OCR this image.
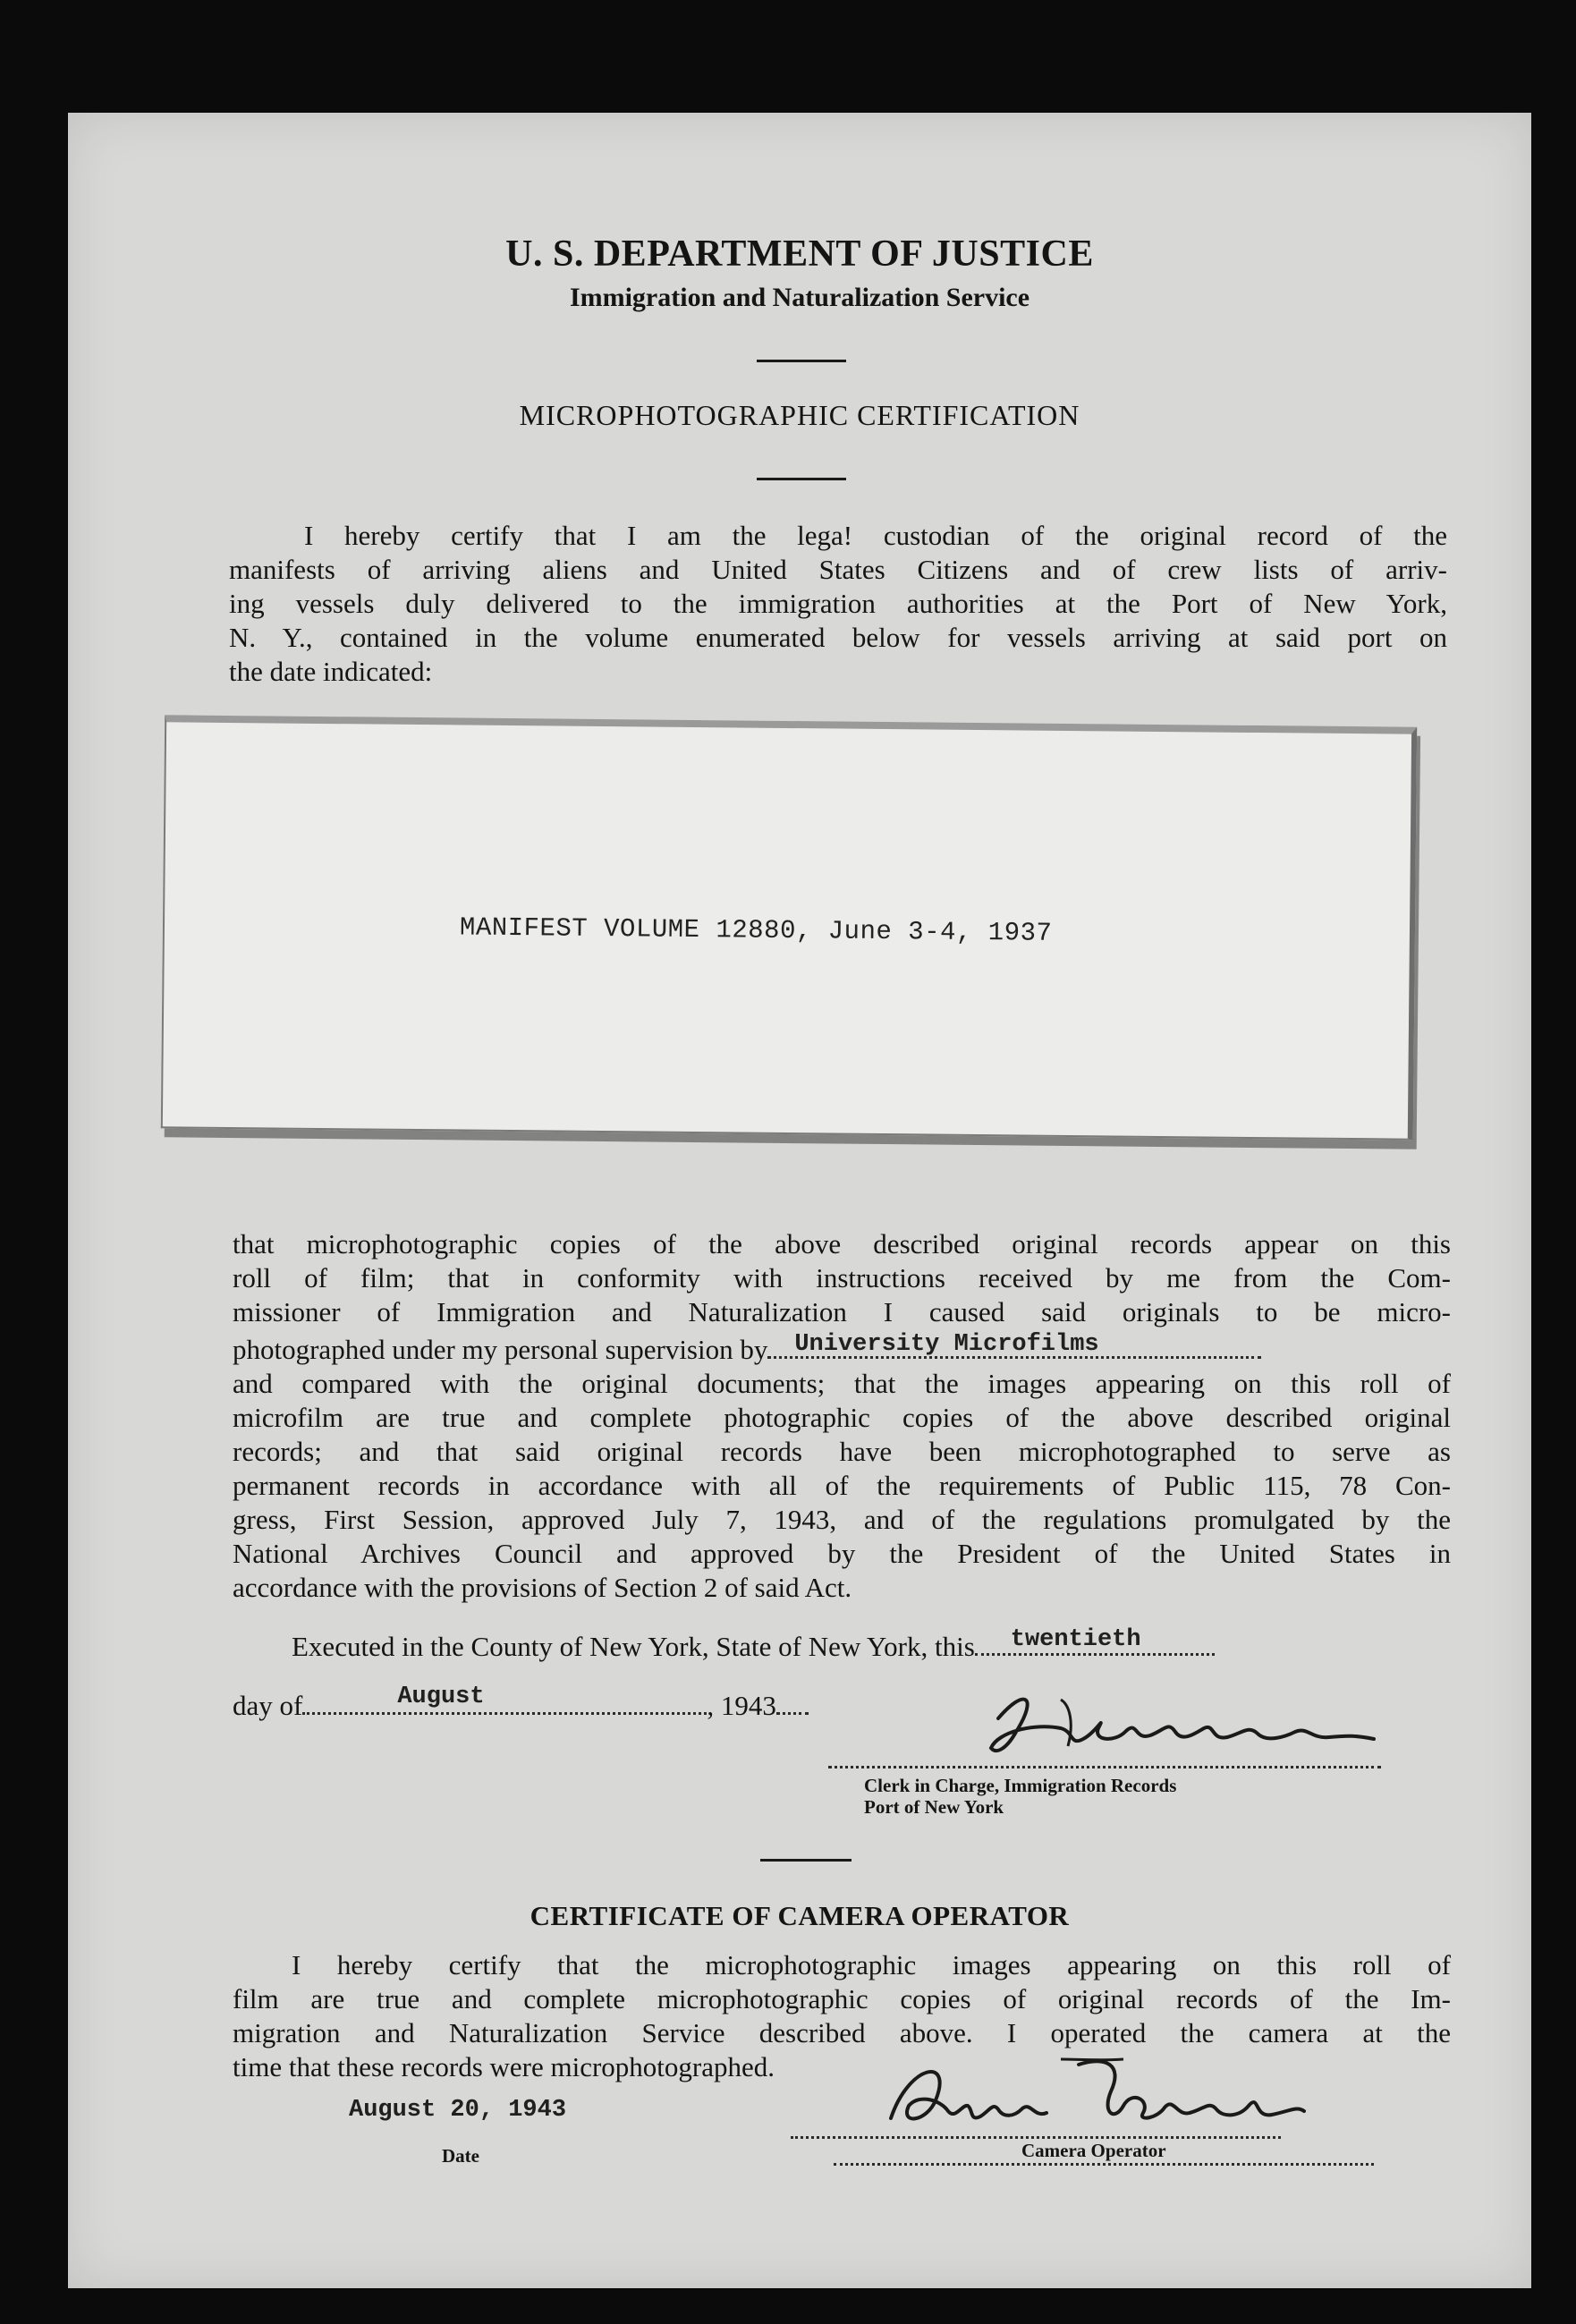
U. S. DEPARTMENT OF JUSTICE
Immigration and Naturalization Service
MICROPHOTOGRAPHIC CERTIFICATION
I hereby certify that I am the lega! custodian of the original record of the
manifests of arriving aliens and United States Citizens and of crew lists of arriv-
ing vessels duly delivered to the immigration authorities at the Port of New York,
N. Y., contained in the volume enumerated below for vessels arriving at said port on
the date indicated:
MANIFEST VOLUME 12880, June 3-4, 1937
that microphotographic copies of the above described original records appear on this
roll of film; that in conformity with instructions received by me from the Com-
missioner of Immigration and Naturalization I caused said originals to be micro-
photographed under my personal supervision by University Microfilms
and compared with the original documents; that the images appearing on this roll of
microfilm are true and complete photographic copies of the above described original
records; and that said original records have been microphotographed to serve as
permanent records in accordance with all of the requirements of Public 115, 78 Con-
gress, First Session, approved July 7, 1943, and of the regulations promulgated by the
National Archives Council and approved by the President of the United States in
accordance with the provisions of Section 2 of said Act.
Executed in the County of New York, State of New York, this twentieth
day of	August	, 1943

Clerk in Charge, Immigration Records
Port of New York
CERTIFICATE OF CAMERA OPERATOR
I hereby certify that the microphotographic images appearing on this roll of
film are true and complete microphotographic copies of original records of the Im-
migration and Naturalization Service described above. I operated the camera at the
time that these records were microphotographed.
August 20, 1943

Date	Camera Operator
